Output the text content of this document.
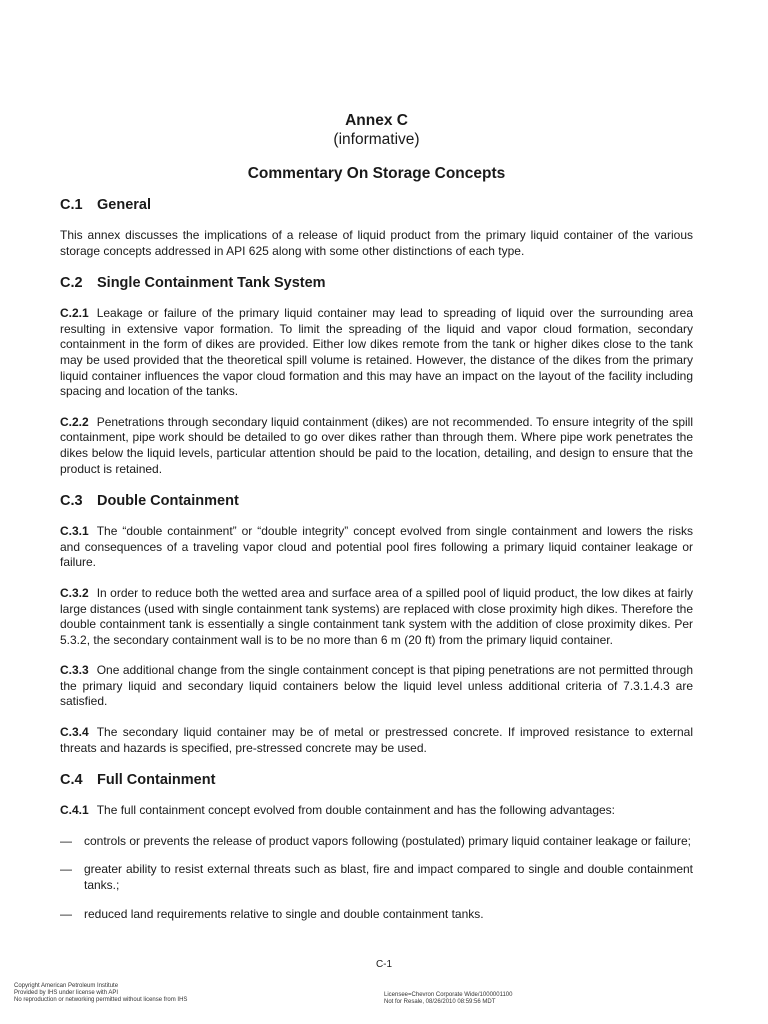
Annex C
(informative)
Commentary On Storage Concepts
C.1 General

This annex discusses the implications of a release of liquid product from the primary liquid container of the various storage concepts addressed in API 625 along with some other distinctions of each type.

C.2 Single Containment Tank System

C.2.1 Leakage or failure of the primary liquid container may lead to spreading of liquid over the surrounding area resulting in extensive vapor formation. To limit the spreading of the liquid and vapor cloud formation, secondary containment in the form of dikes are provided. Either low dikes remote from the tank or higher dikes close to the tank may be used provided that the theoretical spill volume is retained. However, the distance of the dikes from the primary liquid container influences the vapor cloud formation and this may have an impact on the layout of the facility including spacing and location of the tanks.

C.2.2 Penetrations through secondary liquid containment (dikes) are not recommended. To ensure integrity of the spill containment, pipe work should be detailed to go over dikes rather than through them. Where pipe work penetrates the dikes below the liquid levels, particular attention should be paid to the location, detailing, and design to ensure that the product is retained.

C.3 Double Containment

C.3.1 The “double containment” or “double integrity” concept evolved from single containment and lowers the risks and consequences of a traveling vapor cloud and potential pool fires following a primary liquid container leakage or failure.

C.3.2 In order to reduce both the wetted area and surface area of a spilled pool of liquid product, the low dikes at fairly large distances (used with single containment tank systems) are replaced with close proximity high dikes. Therefore the double containment tank is essentially a single containment tank system with the addition of close proximity dikes. Per 5.3.2, the secondary containment wall is to be no more than 6 m (20 ft) from the primary liquid container.

C.3.3 One additional change from the single containment concept is that piping penetrations are not permitted through the primary liquid and secondary liquid containers below the liquid level unless additional criteria of 7.3.1.4.3 are satisfied.

C.3.4 The secondary liquid container may be of metal or prestressed concrete. If improved resistance to external threats and hazards is specified, pre-stressed concrete may be used.

C.4 Full Containment

C.4.1 The full containment concept evolved from double containment and has the following advantages:

—	controls or prevents the release of product vapors following (postulated) primary liquid container leakage or failure;
—	greater ability to resist external threats such as blast, fire and impact compared to single and double containment tanks.;
—	reduced land requirements relative to single and double containment tanks.
C-1
Copyright American Petroleum Institute
Provided by IHS under license with API
No reproduction or networking permitted without license from IHS
Licensee=Chevron Corporate Wide/1000001100
Not for Resale, 08/26/2010 08:59:56 MDT
